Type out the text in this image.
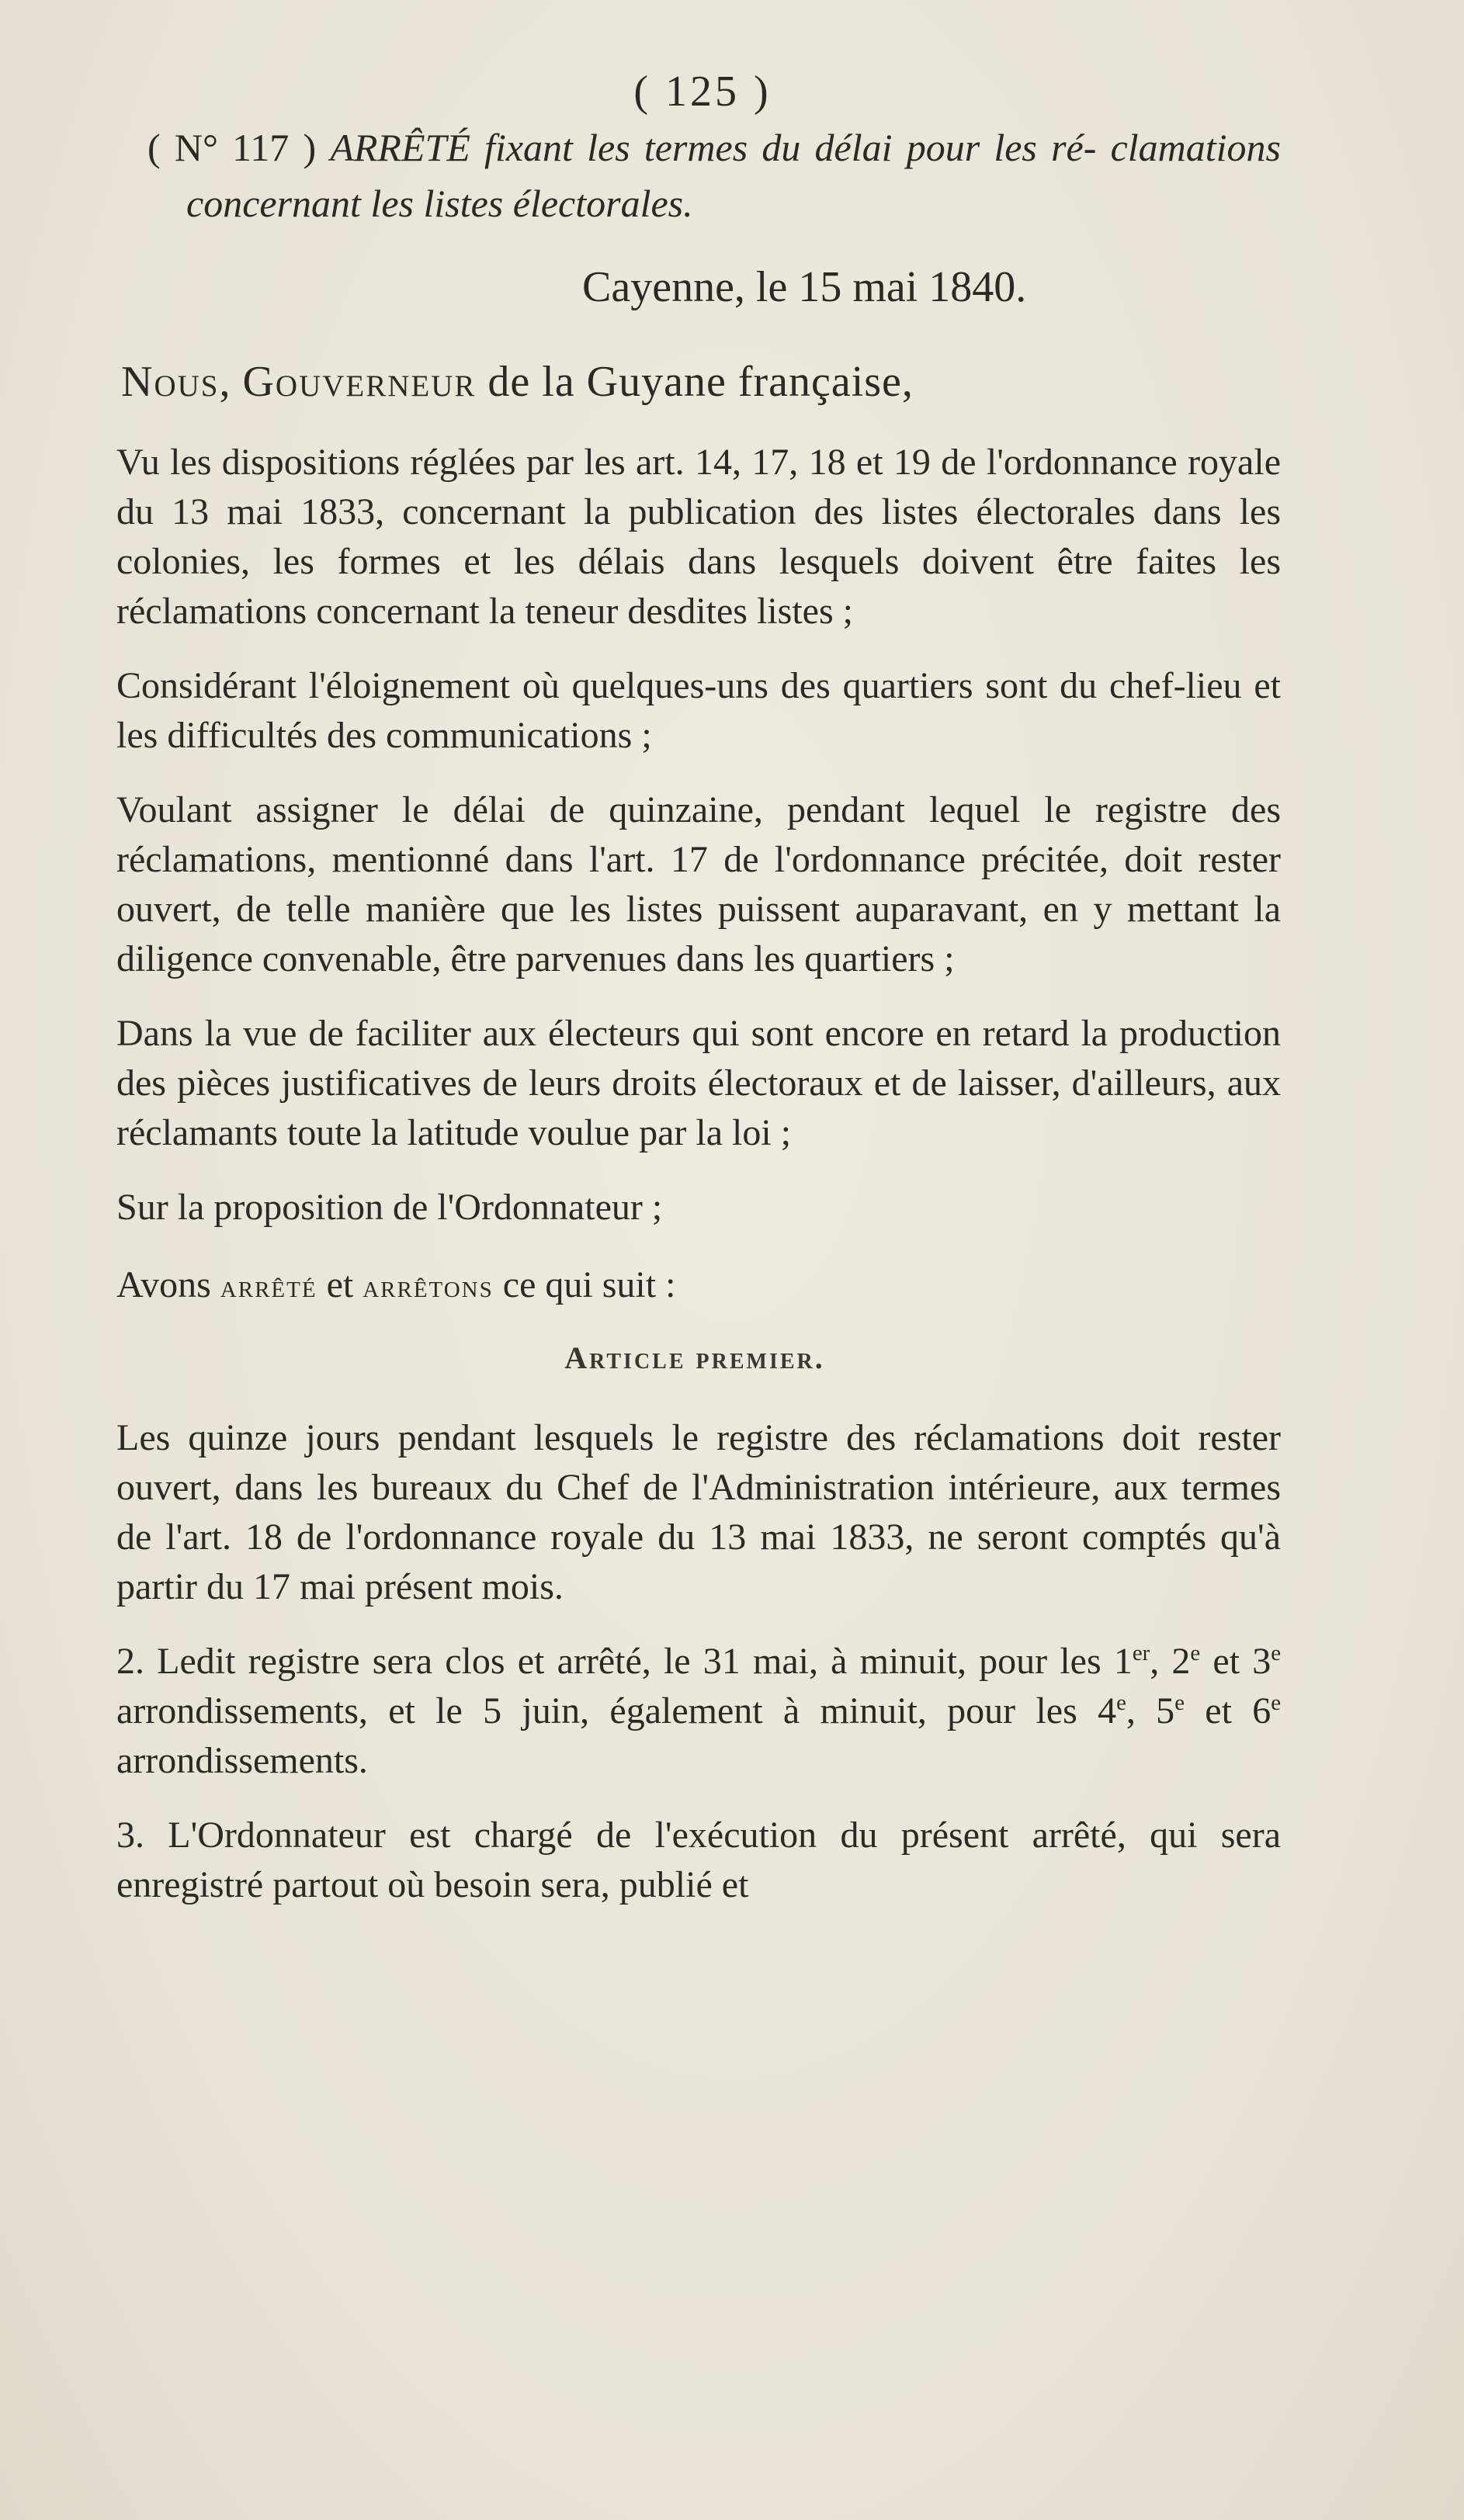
( 125 )

( N° 117 ) ARRÊTÉ fixant les termes du délai pour les ré- clamations concernant les listes électorales.

Cayenne, le 15 mai 1840.
Nous, Gouverneur de la Guyane française,

Vu les dispositions réglées par les art. 14, 17, 18 et 19 de l'ordonnance royale du 13 mai 1833, concernant la publication des listes électorales dans les colonies, les formes et les délais dans lesquels doivent être faites les réclamations concernant la teneur desdites listes ;

Considérant l'éloignement où quelques-uns des quartiers sont du chef-lieu et les difficultés des communications ;

Voulant assigner le délai de quinzaine, pendant lequel le registre des réclamations, mentionné dans l'art. 17 de l'ordonnance précitée, doit rester ouvert, de telle manière que les listes puissent auparavant, en y mettant la diligence convenable, être parvenues dans les quartiers ;

Dans la vue de faciliter aux électeurs qui sont encore en retard la production des pièces justificatives de leurs droits électoraux et de laisser, d'ailleurs, aux réclamants toute la latitude voulue par la loi ;

Sur la proposition de l'Ordonnateur ;

Avons arrêté et arrêtons ce qui suit :

Article premier.

Les quinze jours pendant lesquels le registre des réclamations doit rester ouvert, dans les bureaux du Chef de l'Administration intérieure, aux termes de l'art. 18 de l'ordonnance royale du 13 mai 1833, ne seront comptés qu'à partir du 17 mai présent mois.

2. Ledit registre sera clos et arrêté, le 31 mai, à minuit, pour les 1er, 2e et 3e arrondissements, et le 5 juin, également à minuit, pour les 4e, 5e et 6e arrondissements.

3. L'Ordonnateur est chargé de l'exécution du présent arrêté, qui sera enregistré partout où besoin sera, publié et
